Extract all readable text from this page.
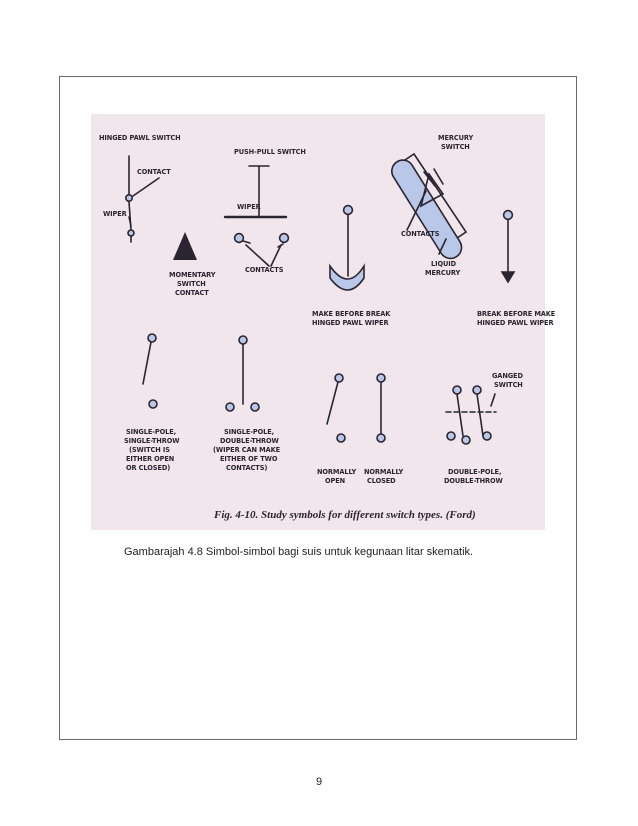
HINGED PAWL SWITCH
CONTACT
WIPER
MOMENTARY
SWITCH
CONTACT
PUSH-PULL SWITCH
WIPER
CONTACTS
MERCURY
SWITCH
CONTACTS
LIQUID
MERCURY
MAKE BEFORE BREAK
HINGED PAWL WIPER
BREAK BEFORE MAKE
HINGED PAWL WIPER
SINGLE-POLE,
SINGLE-THROW
(SWITCH IS
EITHER OPEN
OR CLOSED)
SINGLE-POLE,
DOUBLE-THROW
(WIPER CAN MAKE
EITHER OF TWO
CONTACTS)	NORMALLY
OPEN
NORMALLY
CLOSED
DOUBLE-POLE,
DOUBLE-THROW
GANGED
SWITCH
Fig. 4-10. Study symbols for different switch types. (Ford)
Gambarajah 4.8 Simbol-simbol bagi suis untuk kegunaan litar skematik.
9
